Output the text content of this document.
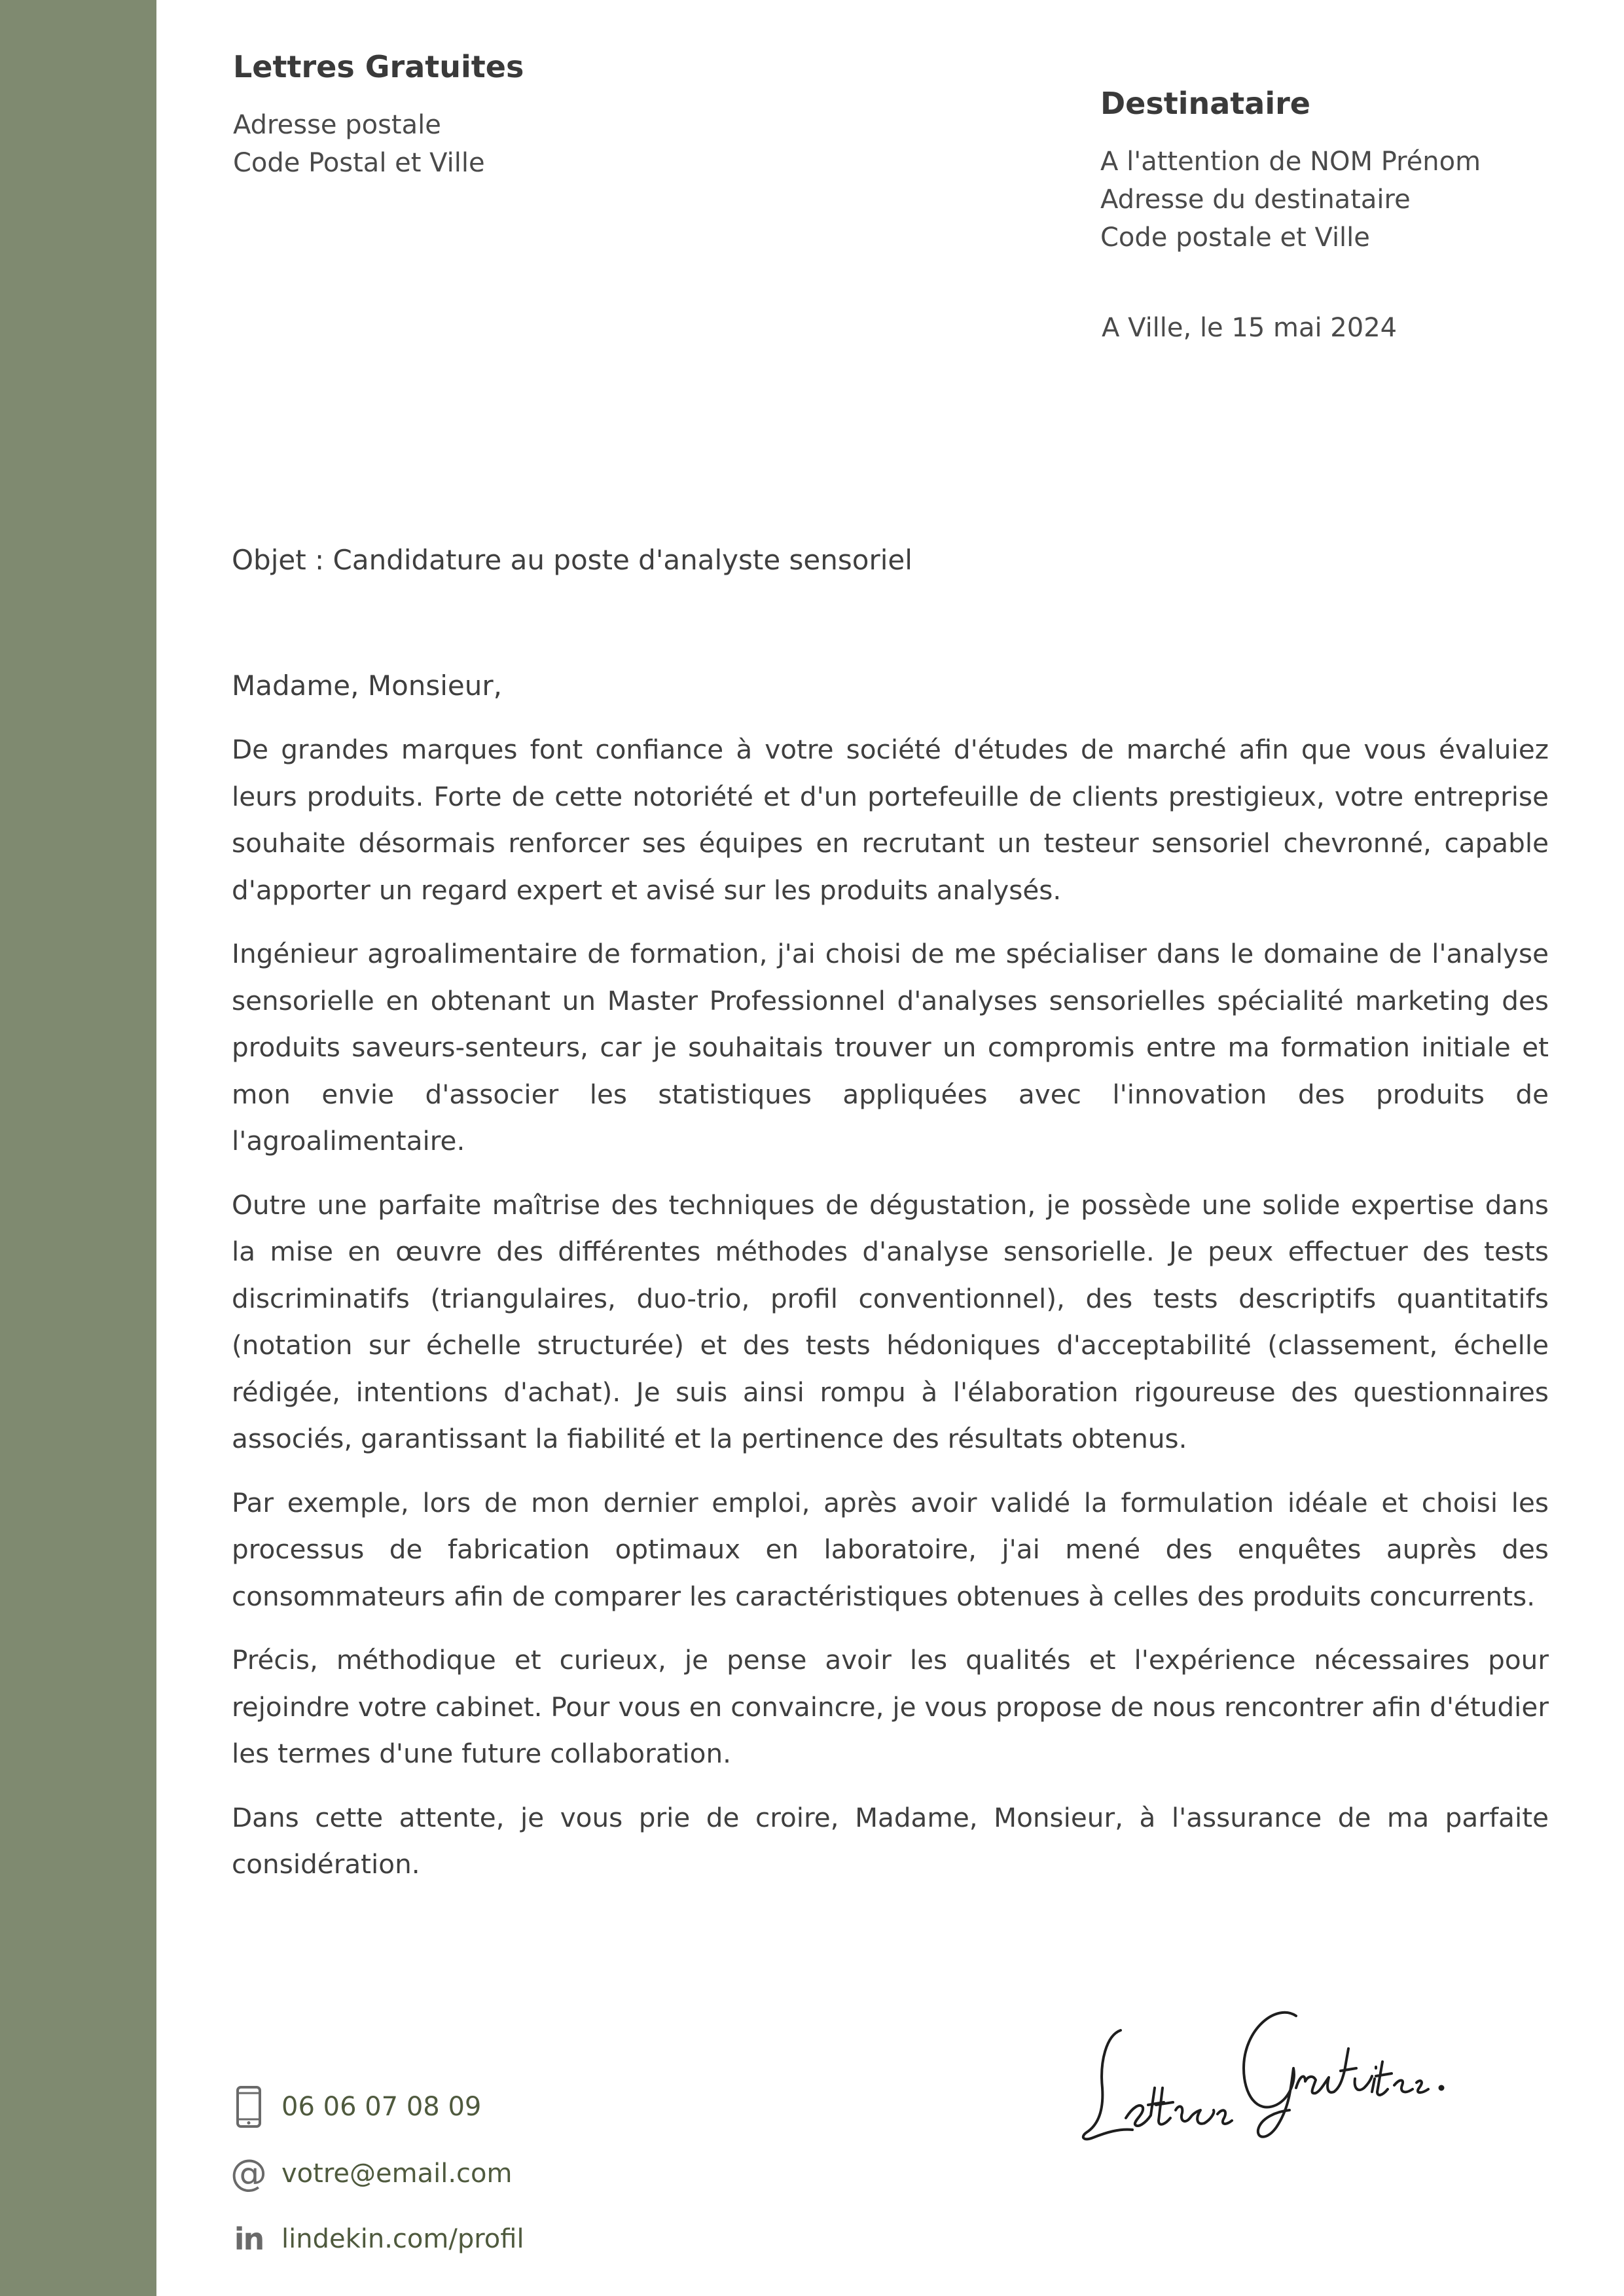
Lettres Gratuites
Adresse postale
Code Postal et Ville
Destinataire
A l'attention de NOM Prénom
Adresse du destinataire
Code postale et Ville
A Ville, le 15 mai 2024
Objet : Candidature au poste d'analyste sensoriel
Madame, Monsieur,

De grandes marques font confiance à votre société d'études de marché afin que vous évaluiez leurs produits. Forte de cette notoriété et d'un portefeuille de clients prestigieux, votre entreprise souhaite désormais renforcer ses équipes en recrutant un testeur sensoriel chevronné, capable d'apporter un regard expert et avisé sur les produits analysés.

Ingénieur agroalimentaire de formation, j'ai choisi de me spécialiser dans le domaine de l'analyse sensorielle en obtenant un Master Professionnel d'analyses sensorielles spécialité marketing des produits saveurs-senteurs, car je souhaitais trouver un compromis entre ma formation initiale et mon envie d'associer les statistiques appliquées avec l'innovation des produits de l'agroalimentaire.

Outre une parfaite maîtrise des techniques de dégustation, je possède une solide expertise dans la mise en œuvre des différentes méthodes d'analyse sensorielle. Je peux effectuer des tests discriminatifs (triangulaires, duo-trio, profil conventionnel), des tests descriptifs quantitatifs (notation sur échelle structurée) et des tests hédoniques d'acceptabilité (classement, échelle rédigée, intentions d'achat). Je suis ainsi rompu à l'élaboration rigoureuse des questionnaires associés, garantissant la fiabilité et la pertinence des résultats obtenus.

Par exemple, lors de mon dernier emploi, après avoir validé la formulation idéale et choisi les processus de fabrication optimaux en laboratoire, j'ai mené des enquêtes auprès des consommateurs afin de comparer les caractéristiques obtenues à celles des produits concurrents.

Précis, méthodique et curieux, je pense avoir les qualités et l'expérience nécessaires pour rejoindre votre cabinet. Pour vous en convaincre, je vous propose de nous rencontrer afin d'étudier les termes d'une future collaboration.

Dans cette attente, je vous prie de croire, Madame, Monsieur, à l'assurance de ma parfaite considération.

06 06 07 08 09
@ votre@email.com
in lindekin.com/profil
